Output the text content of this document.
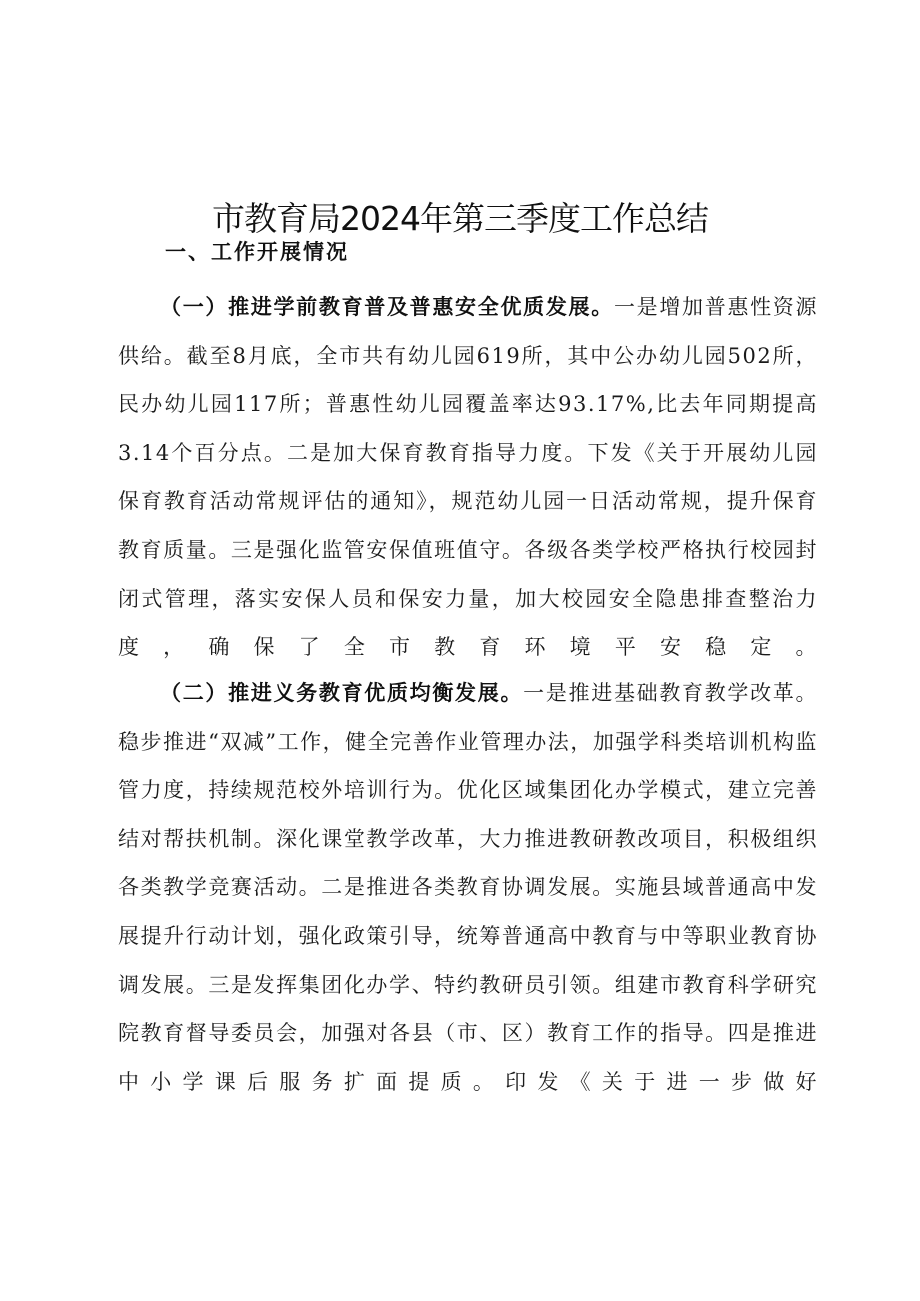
市教育局2024年第三季度工作总结
一、工作开展情况

（一）推进学前教育普及普惠安全优质发展。一是增加普惠性资源供给。截至8月底，全市共有幼儿园619所，其中公办幼儿园502所，民办幼儿园117所；普惠性幼儿园覆盖率达93.17%,比去年同期提高3.14个百分点。二是加大保育教育指导力度。下发《关于开展幼儿园保育教育活动常规评估的通知》，规范幼儿园一日活动常规，提升保育教育质量。三是强化监管安保值班值守。各级各类学校严格执行校园封闭式管理，落实安保人员和保安力量，加大校园安全隐患排查整治力度，确保了全市教育环境平安稳定。

（二）推进义务教育优质均衡发展。一是推进基础教育教学改革。稳步推进“双减”工作，健全完善作业管理办法，加强学科类培训机构监管力度，持续规范校外培训行为。优化区域集团化办学模式，建立完善结对帮扶机制。深化课堂教学改革，大力推进教研教改项目，积极组织各类教学竞赛活动。二是推进各类教育协调发展。实施县域普通高中发展提升行动计划，强化政策引导，统筹普通高中教育与中等职业教育协调发展。三是发挥集团化办学、特约教研员引领。组建市教育科学研究院教育督导委员会，加强对各县（市、区）教育工作的指导。四是推进中小学课后服务扩面提质。印发《关于进一步做好
